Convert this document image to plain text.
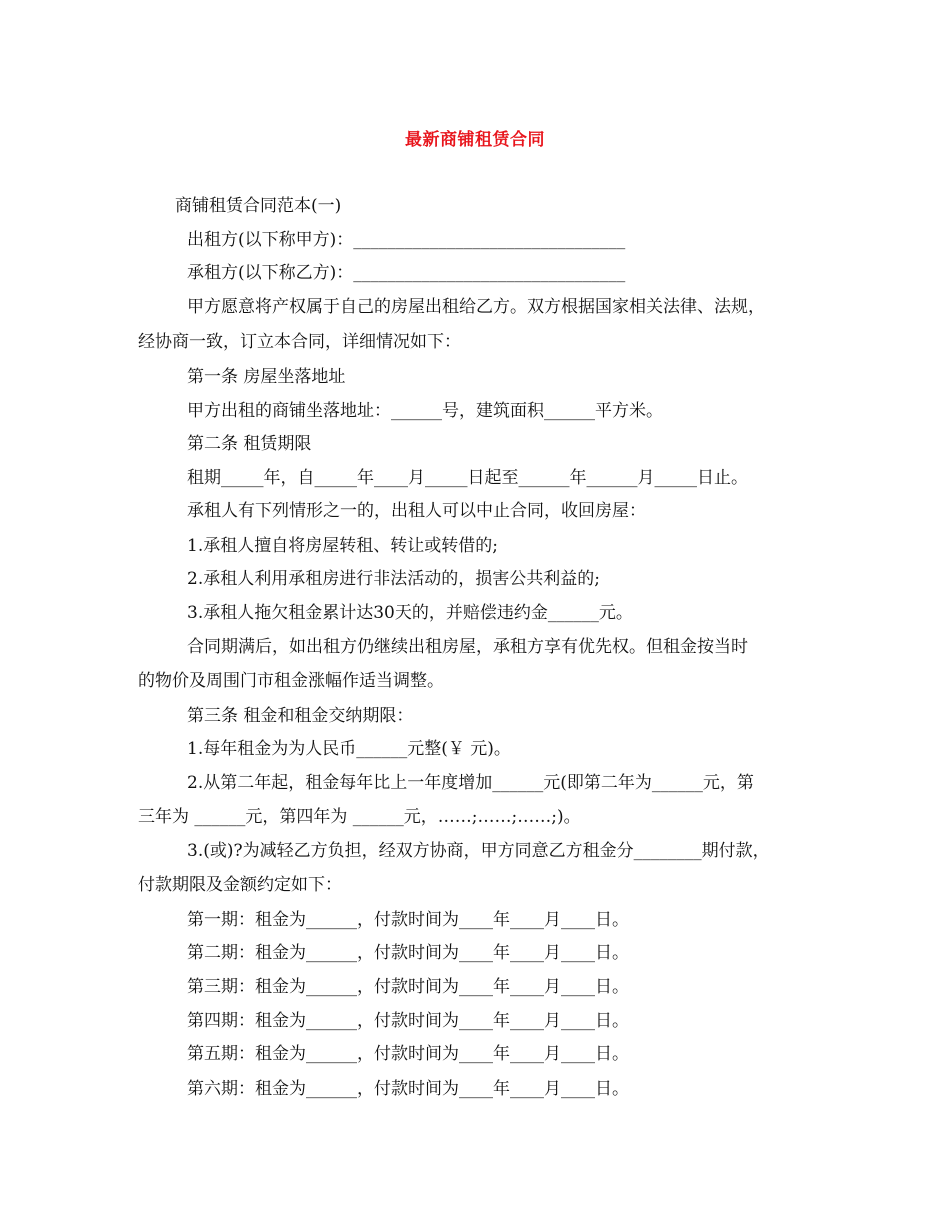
最新商铺租赁合同
商铺租赁合同范本(一)
出租方(以下称甲方)：________________________________
承租方(以下称乙方)：________________________________
甲方愿意将产权属于自己的房屋出租给乙方。双方根据国家相关法律、法规，
经协商一致，订立本合同，详细情况如下：
第一条 房屋坐落地址
甲方出租的商铺坐落地址：______号，建筑面积______平方米。
第二条 租赁期限
租期_____年，自_____年____月_____日起至______年______月_____日止。
承租人有下列情形之一的，出租人可以中止合同，收回房屋：
1.承租人擅自将房屋转租、转让或转借的;
2.承租人利用承租房进行非法活动的，损害公共利益的;
3.承租人拖欠租金累计达30天的，并赔偿违约金______元。
合同期满后，如出租方仍继续出租房屋，承租方享有优先权。但租金按当时
的物价及周围门市租金涨幅作适当调整。
第三条 租金和租金交纳期限：
1.每年租金为为人民币______元整(￥ 元)。
2.从第二年起，租金每年比上一年度增加______元(即第二年为______元，第
三年为 ______元，第四年为 ______元，……;……;……;)。
3.(或)?为减轻乙方负担，经双方协商，甲方同意乙方租金分________期付款，
付款期限及金额约定如下：
第一期：租金为______，付款时间为____年____月____日。
第二期：租金为______，付款时间为____年____月____日。
第三期：租金为______，付款时间为____年____月____日。
第四期：租金为______，付款时间为____年____月____日。
第五期：租金为______，付款时间为____年____月____日。
第六期：租金为______，付款时间为____年____月____日。
